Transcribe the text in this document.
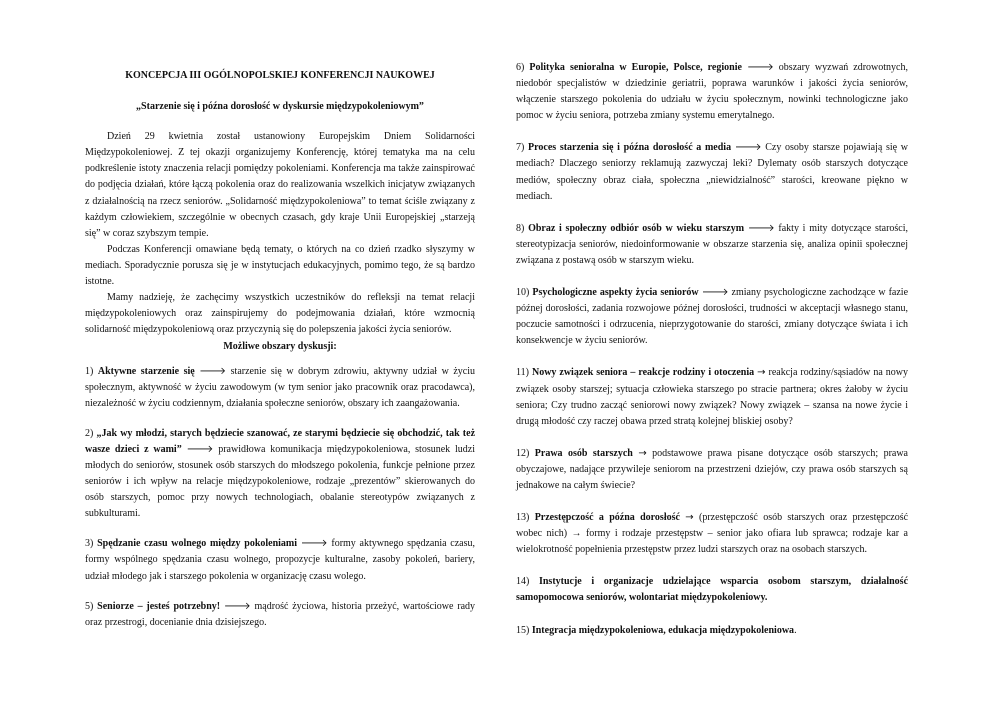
KONCEPCJA III OGÓLNOPOLSKIEJ KONFERENCJI NAUKOWEJ

„Starzenie się i późna dorosłość w dyskursie międzypokoleniowym”

Dzień 29 kwietnia został ustanowiony Europejskim Dniem Solidarności Międzypokoleniowej. Z tej okazji organizujemy Konferencję, której tematyka ma na celu podkreślenie istoty znaczenia relacji pomiędzy pokoleniami. Konferencja ma także zainspirować do podjęcia działań, które łączą pokolenia oraz do realizowania wszelkich inicjatyw związanych z działalnością na rzecz seniorów. „Solidarność międzypokoleniowa” to temat ściśle związany z każdym człowiekiem, szczególnie w obecnych czasach, gdy kraje Unii Europejskiej „starzeją się” w coraz szybszym tempie.

Podczas Konferencji omawiane będą tematy, o których na co dzień rzadko słyszymy w mediach. Sporadycznie porusza się je w instytucjach edukacyjnych, pomimo tego, że są bardzo istotne.

Mamy nadzieję, że zachęcimy wszystkich uczestników do refleksji na temat relacji międzypokoleniowych oraz zainspirujemy do podejmowania działań, które wzmocnią solidarność międzypokoleniową oraz przyczynią się do polepszenia jakości życia seniorów.

Możliwe obszary dyskusji:

1) Aktywne starzenie się 🡒 starzenie się w dobrym zdrowiu, aktywny udział w życiu społecznym, aktywność w życiu zawodowym (w tym senior jako pracownik oraz pracodawca), niezależność w życiu codziennym, działania społeczne seniorów, obszary ich zaangażowania.

2) „Jak wy młodzi, starych będziecie szanować, ze starymi będziecie się obchodzić, tak też wasze dzieci z wami” 🡒 prawidłowa komunikacja międzypokoleniowa, stosunek ludzi młodych do seniorów, stosunek osób starszych do młodszego pokolenia, funkcje pełnione przez seniorów i ich wpływ na relacje międzypokoleniowe, rodzaje „prezentów” skierowanych do osób starszych, pomoc przy nowych technologiach, obalanie stereotypów związanych z subkulturami.

3) Spędzanie czasu wolnego między pokoleniami 🡒 formy aktywnego spędzania czasu, formy wspólnego spędzania czasu wolnego, propozycje kulturalne, zasoby pokoleń, bariery, udział młodego jak i starszego pokolenia w organizację czasu wolego.

5) Seniorze – jesteś potrzebny! 🡒 mądrość życiowa, historia przeżyć, wartościowe rady oraz przestrogi, docenianie dnia dzisiejszego.

6) Polityka senioralna w Europie, Polsce, regionie 🡒 obszary wyzwań zdrowotnych, niedobór specjalistów w dziedzinie geriatrii, poprawa warunków i jakości życia seniorów, włączenie starszego pokolenia do udziału w życiu społecznym, nowinki technologiczne jako pomoc w życiu seniora, potrzeba zmiany systemu emerytalnego.

7) Proces starzenia się i późna dorosłość a media 🡒 Czy osoby starsze pojawiają się w mediach? Dlaczego seniorzy reklamują zazwyczaj leki? Dylematy osób starszych dotyczące mediów, społeczny obraz ciała, społeczna „niewidzialność” starości, kreowane piękno w mediach.

8) Obraz i społeczny odbiór osób w wieku starszym 🡒 fakty i mity dotyczące starości, stereotypizacja seniorów, niedoinformowanie w obszarze starzenia się, analiza opinii społecznej związana z postawą osób w starszym wieku.

10) Psychologiczne aspekty życia seniorów 🡒 zmiany psychologiczne zachodzące w fazie późnej dorosłości, zadania rozwojowe późnej dorosłości, trudności w akceptacji własnego stanu, poczucie samotności i odrzucenia, nieprzygotowanie do starości, zmiany dotyczące świata i ich konsekwencje w życiu seniorów.

11) Nowy związek seniora – reakcje rodziny i otoczenia → reakcja rodziny/sąsiadów na nowy związek osoby starszej; sytuacja człowieka starszego po stracie partnera; okres żałoby w życiu seniora; Czy trudno zacząć seniorowi nowy związek? Nowy związek – szansa na nowe życie i drugą młodość czy raczej obawa przed stratą kolejnej bliskiej osoby?

12) Prawa osób starszych → podstawowe prawa pisane dotyczące osób starszych; prawa obyczajowe, nadające przywileje seniorom na przestrzeni dziejów, czy prawa osób starszych są jednakowe na całym świecie?

13) Przestępczość a późna dorosłość → (przestępczość osób starszych oraz przestępczość wobec nich) → formy i rodzaje przestępstw – senior jako ofiara lub sprawca; rodzaje kar a wielokrotność popełnienia przestępstw przez ludzi starszych oraz na osobach starszych.

14) Instytucje i organizacje udzielające wsparcia osobom starszym, działalność samopomocowa seniorów, wolontariat międzypokoleniowy.

15) Integracja międzypokoleniowa, edukacja międzypokoleniowa.
